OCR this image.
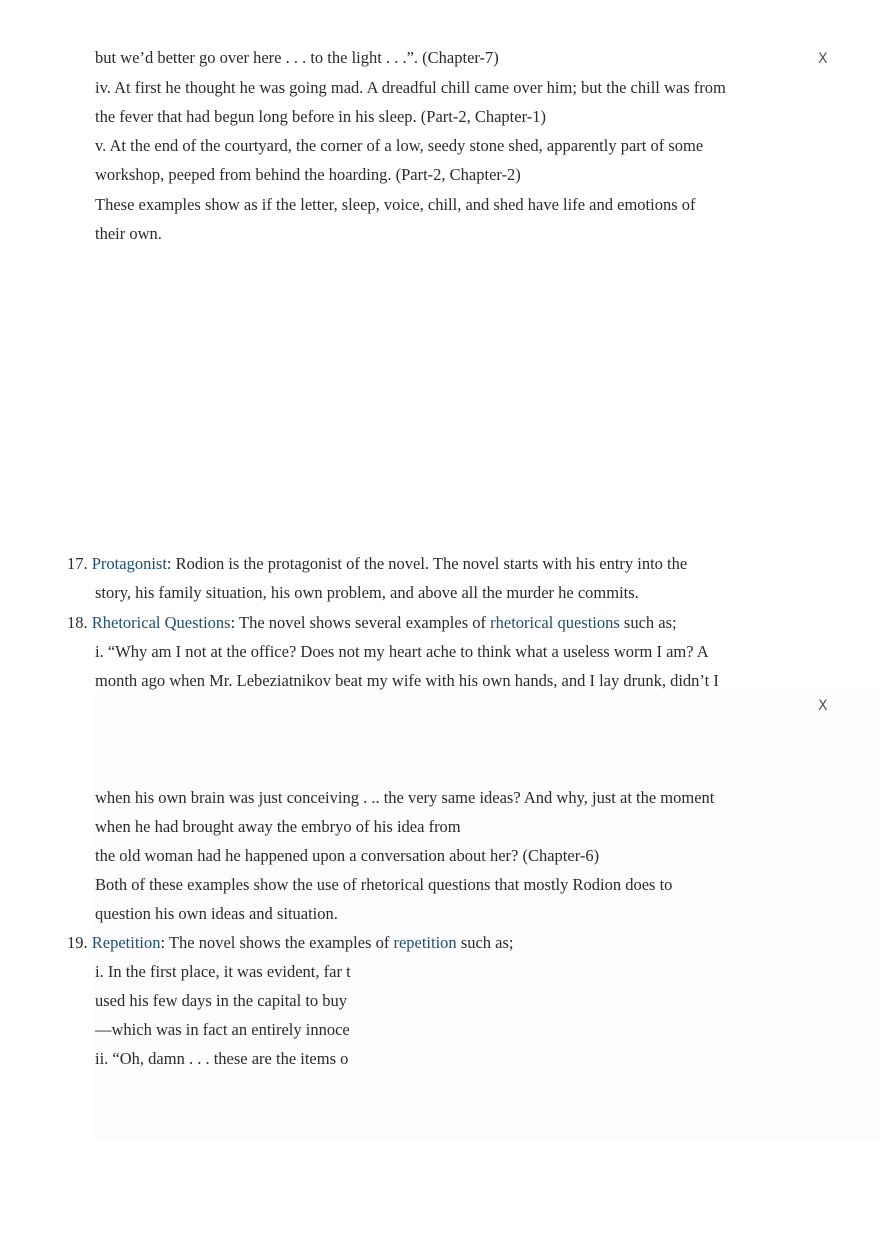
but we’d better go over here . . . to the light . . .”. (Chapter-7)	X
iv. At first he thought he was going mad. A dreadful chill came over him; but the chill was from
the fever that had begun long before in his sleep. (Part-2, Chapter-1)
v. At the end of the courtyard, the corner of a low, seedy stone shed, apparently part of some
workshop, peeped from behind the hoarding. (Part-2, Chapter-2)
These examples show as if the letter, sleep, voice, chill, and shed have life and emotions of
their own.
17. Protagonist: Rodion is the protagonist of the novel. The novel starts with his entry into the
story, his family situation, his own problem, and above all the murder he commits.
18. Rhetorical Questions: The novel shows several examples of rhetorical questions such as;
i. “Why am I not at the office? Does not my heart ache to think what a useless worm I am? A
month ago when Mr. Lebeziatnikov beat my wife with his own hands, and I lay drunk, didn’t I
X
when his own brain was just conceiving . .. the very same ideas? And why, just at the moment
when he had brought away the embryo of his idea from
the old woman had he happened upon a conversation about her? (Chapter-6)
Both of these examples show the use of rhetorical questions that mostly Rodion does to
question his own ideas and situation.
19. Repetition: The novel shows the examples of repetition such as;
i. In the first place, it was evident, far t
used his few days in the capital to buy
—which was in fact an entirely innoce
ii. “Oh, damn . . . these are the items o
